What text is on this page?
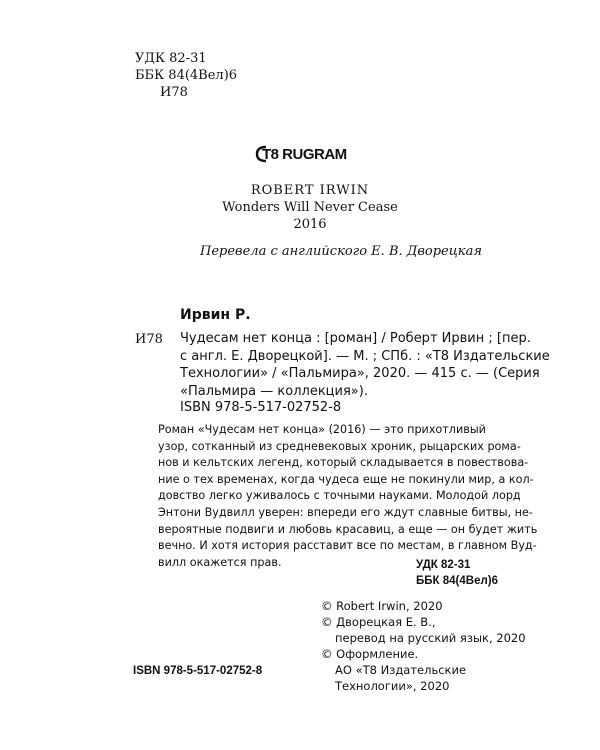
УДК 82-31
ББК 84(4Вел)6
И78
T8 RUGRAM
ROBERT IRWIN
Wonders Will Never Cease
2016
Перевела с английского Е. В. Дворецкая
Ирвин Р.
И78 Чудесам нет конца : [роман] / Роберт Ирвин ; [пер.
с англ. Е. Дворецкой]. — М. ; СПб. : «Т8 Издательские
Технологии» / «Пальмира», 2020. — 415 с. — (Серия
«Пальмира — коллекция»).
ISBN 978-5-517-02752-8
Роман «Чудесам нет конца» (2016) — это прихотливый
узор, сотканный из средневековых хроник, рыцарских рома-
нов и кельтских легенд, который складывается в повествова-
ние о тех временах, когда чудеса еще не покинули мир, а кол-
довство легко уживалось с точными науками. Молодой лорд
Энтони Вудвилл уверен: впереди его ждут славные битвы, не-
вероятные подвиги и любовь красавиц, а еще — он будет жить
вечно. И хотя история расставит все по местам, в главном Вуд-
вилл окажется прав.	УДК 82-31
ББК 84(4Вел)6
© Robert Irwin, 2020
© Дворецкая Е. В.,
перевод на русский язык, 2020
© Оформление.
АО «Т8 Издательские
Технологии», 2020
ISBN 978-5-517-02752-8
